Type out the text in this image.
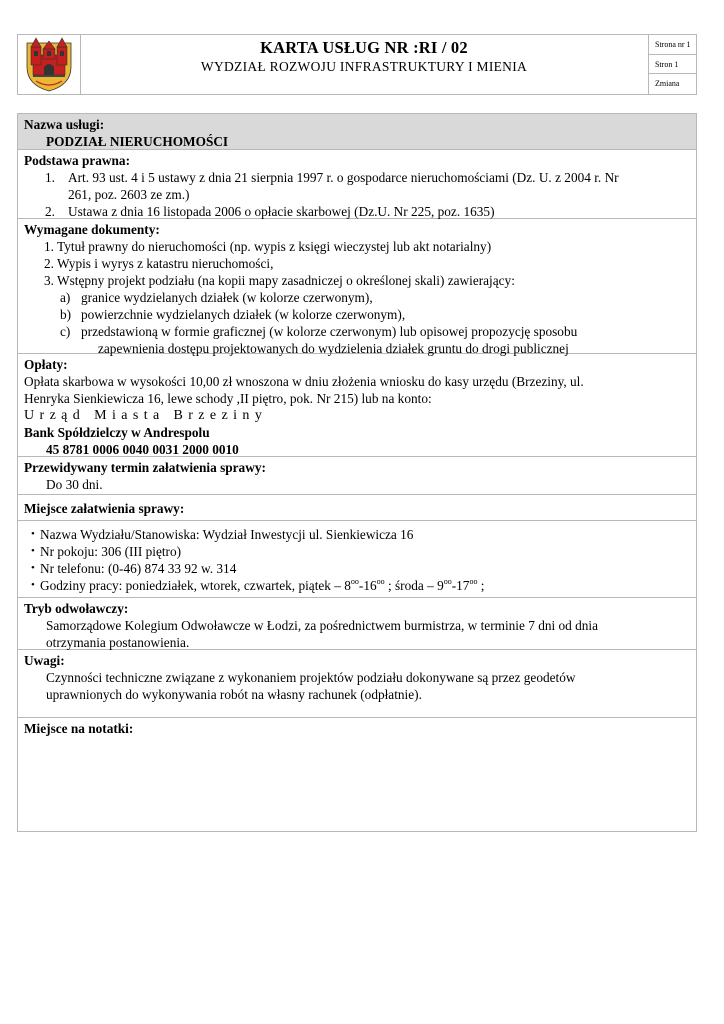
KARTA USŁUG NR :RI / 02
WYDZIAŁ ROZWOJU INFRASTRUKTURY I MIENIA
Strona nr 1
Stron 1
Zmiana
Nazwa usługi:
PODZIAŁ NIERUCHOMOŚCI
Podstawa prawna:
1. Art. 93 ust. 4 i 5 ustawy z dnia 21 sierpnia 1997 r. o gospodarce nieruchomościami (Dz. U. z 2004 r. Nr
261, poz. 2603 ze zm.)
2. Ustawa z dnia 16 listopada 2006 o opłacie skarbowej (Dz.U. Nr 225, poz. 1635)
Wymagane dokumenty:
1. Tytuł prawny do nieruchomości (np. wypis z księgi wieczystej lub akt notarialny)
2. Wypis i wyrys z katastru nieruchomości,
3. Wstępny projekt podziału (na kopii mapy zasadniczej o określonej skali) zawierający:
a) granice wydzielanych działek (w kolorze czerwonym),
b) powierzchnie wydzielanych działek (w kolorze czerwonym),
c) przedstawioną w formie graficznej (w kolorze czerwonym) lub opisowej propozycję sposobu
zapewnienia dostępu projektowanych do wydzielenia działek gruntu do drogi publicznej
Opłaty:
Opłata skarbowa w wysokości 10,00 zł wnoszona w dniu złożenia wniosku do kasy urzędu (Brzeziny, ul.
Henryka Sienkiewicza 16, lewe schody ,II piętro, pok. Nr 215) lub na konto:
Urząd Miasta Brzeziny
Bank Spółdzielczy w Andrespolu
45 8781 0006 0040 0031 2000 0010
Przewidywany termin załatwienia sprawy:
Do 30 dni.
Miejsce załatwienia sprawy:
• Nazwa Wydziału/Stanowiska: Wydział Inwestycji ul. Sienkiewicza 16
• Nr pokoju: 306 (III piętro)
• Nr telefonu: (0-46) 874 33 92 w. 314
• Godziny pracy: poniedziałek, wtorek, czwartek, piątek – $8^{oo}-16^{oo}$ ; środa – $9^{oo}-17^{oo}$ ;
Tryb odwoławczy:
Samorządowe Kolegium Odwoławcze w Łodzi, za pośrednictwem burmistrza, w terminie 7 dni od dnia
otrzymania postanowienia.
Uwagi:
Czynności techniczne związane z wykonaniem projektów podziału dokonywane są przez geodetów
uprawnionych do wykonywania robót na własny rachunek (odpłatnie).
Miejsce na notatki:
